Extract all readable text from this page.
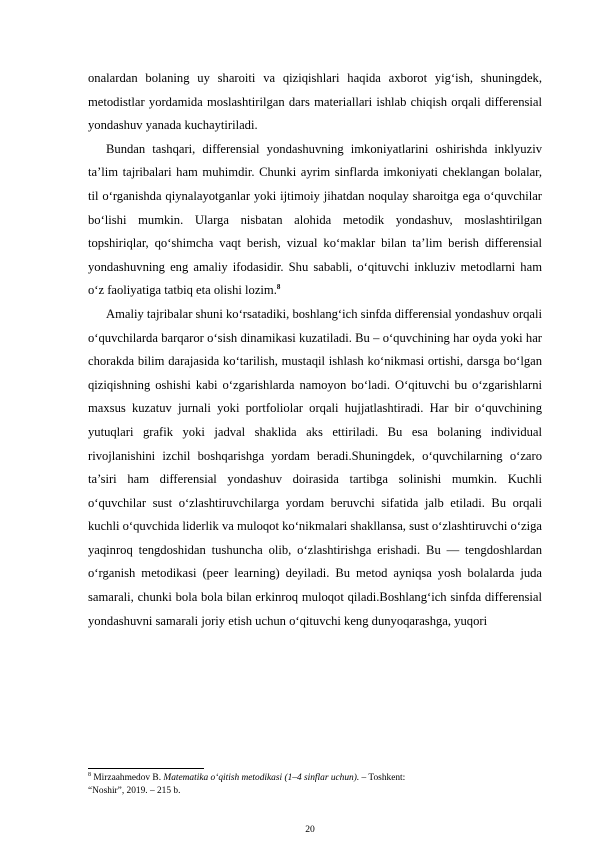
onalardan bolaning uy sharoiti va qiziqishlari haqida axborot yig‘ish, shuningdek, metodistlar yordamida moslashtirilgan dars materiallari ishlab chiqish orqali differensial yondashuv yanada kuchaytiriladi.

Bundan tashqari, differensial yondashuvning imkoniyatlarini oshirishda inklyuziv ta’lim tajribalari ham muhimdir. Chunki ayrim sinflarda imkoniyati cheklangan bolalar, til o‘rganishda qiynalayotganlar yoki ijtimoiy jihatdan noqulay sharoitga ega o‘quvchilar bo‘lishi mumkin. Ularga nisbatan alohida metodik yondashuv, moslashtirilgan topshiriqlar, qo‘shimcha vaqt berish, vizual ko‘maklar bilan ta’lim berish differensial yondashuvning eng amaliy ifodasidir. Shu sababli, o‘qituvchi inkluziv metodlarni ham o‘z faoliyatiga tatbiq eta olishi lozim.$^8$

Amaliy tajribalar shuni ko‘rsatadiki, boshlang‘ich sinfda differensial yondashuv orqali o‘quvchilarda barqaror o‘sish dinamikasi kuzatiladi. Bu – o‘quvchining har oyda yoki har chorakda bilim darajasida ko‘tarilish, mustaqil ishlash ko‘nikmasi ortishi, darsga bo‘lgan qiziqishning oshishi kabi o‘zgarishlarda namoyon bo‘ladi. O‘qituvchi bu o‘zgarishlarni maxsus kuzatuv jurnali yoki portfoliolar orqali hujjatlashtiradi. Har bir o‘quvchining yutuqlari grafik yoki jadval shaklida aks ettiriladi. Bu esa bolaning individual rivojlanishini izchil boshqarishga yordam beradi.Shuningdek, o‘quvchilarning o‘zaro ta’siri ham differensial yondashuv doirasida tartibga solinishi mumkin. Kuchli o‘quvchilar sust o‘zlashtiruvchilarga yordam beruvchi sifatida jalb etiladi. Bu orqali kuchli o‘quvchida liderlik va muloqot ko‘nikmalari shakllansa, sust o‘zlashtiruvchi o‘ziga yaqinroq tengdoshidan tushuncha olib, o‘zlashtirishga erishadi. Bu — tengdoshlardan o‘rganish metodikasi (peer learning) deyiladi. Bu metod ayniqsa yosh bolalarda juda samarali, chunki bola bola bilan erkinroq muloqot qiladi.Boshlang‘ich sinfda differensial yondashuvni samarali joriy etish uchun o‘qituvchi keng dunyoqarashga, yuqori

$^8$ Mirzaahmedov B. Matematika o‘qitish metodikasi (1–4 sinflar uchun). – Toshkent:
“Noshir”, 2019. – 215 b.
20
